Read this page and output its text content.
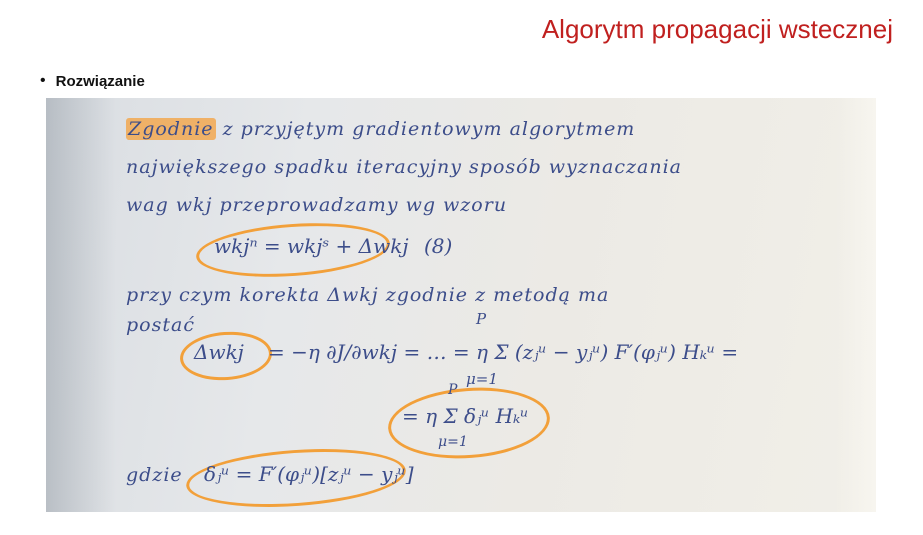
Algorytm propagacji wstecznej
• Rozwiązanie
Zgodnie z przyjętym gradientowym algorytmem
największego spadku iteracyjny sposób wyznaczania
wag wkj przeprowadzamy wg wzoru
wkjⁿ = wkjˢ + Δwkj (8)
przy czym korekta Δwkj zgodnie z metodą ma
postać
Δwkj = −η ∂J/∂wkj = … = η Σ (zⱼᵘ − yⱼᵘ) F′(φⱼᵘ) Hₖᵘ =
P
μ=1
= η Σ δⱼᵘ Hₖᵘ
P
μ=1
gdzie δⱼᵘ = F′(φⱼᵘ)[zⱼᵘ − yⱼᵘ]
